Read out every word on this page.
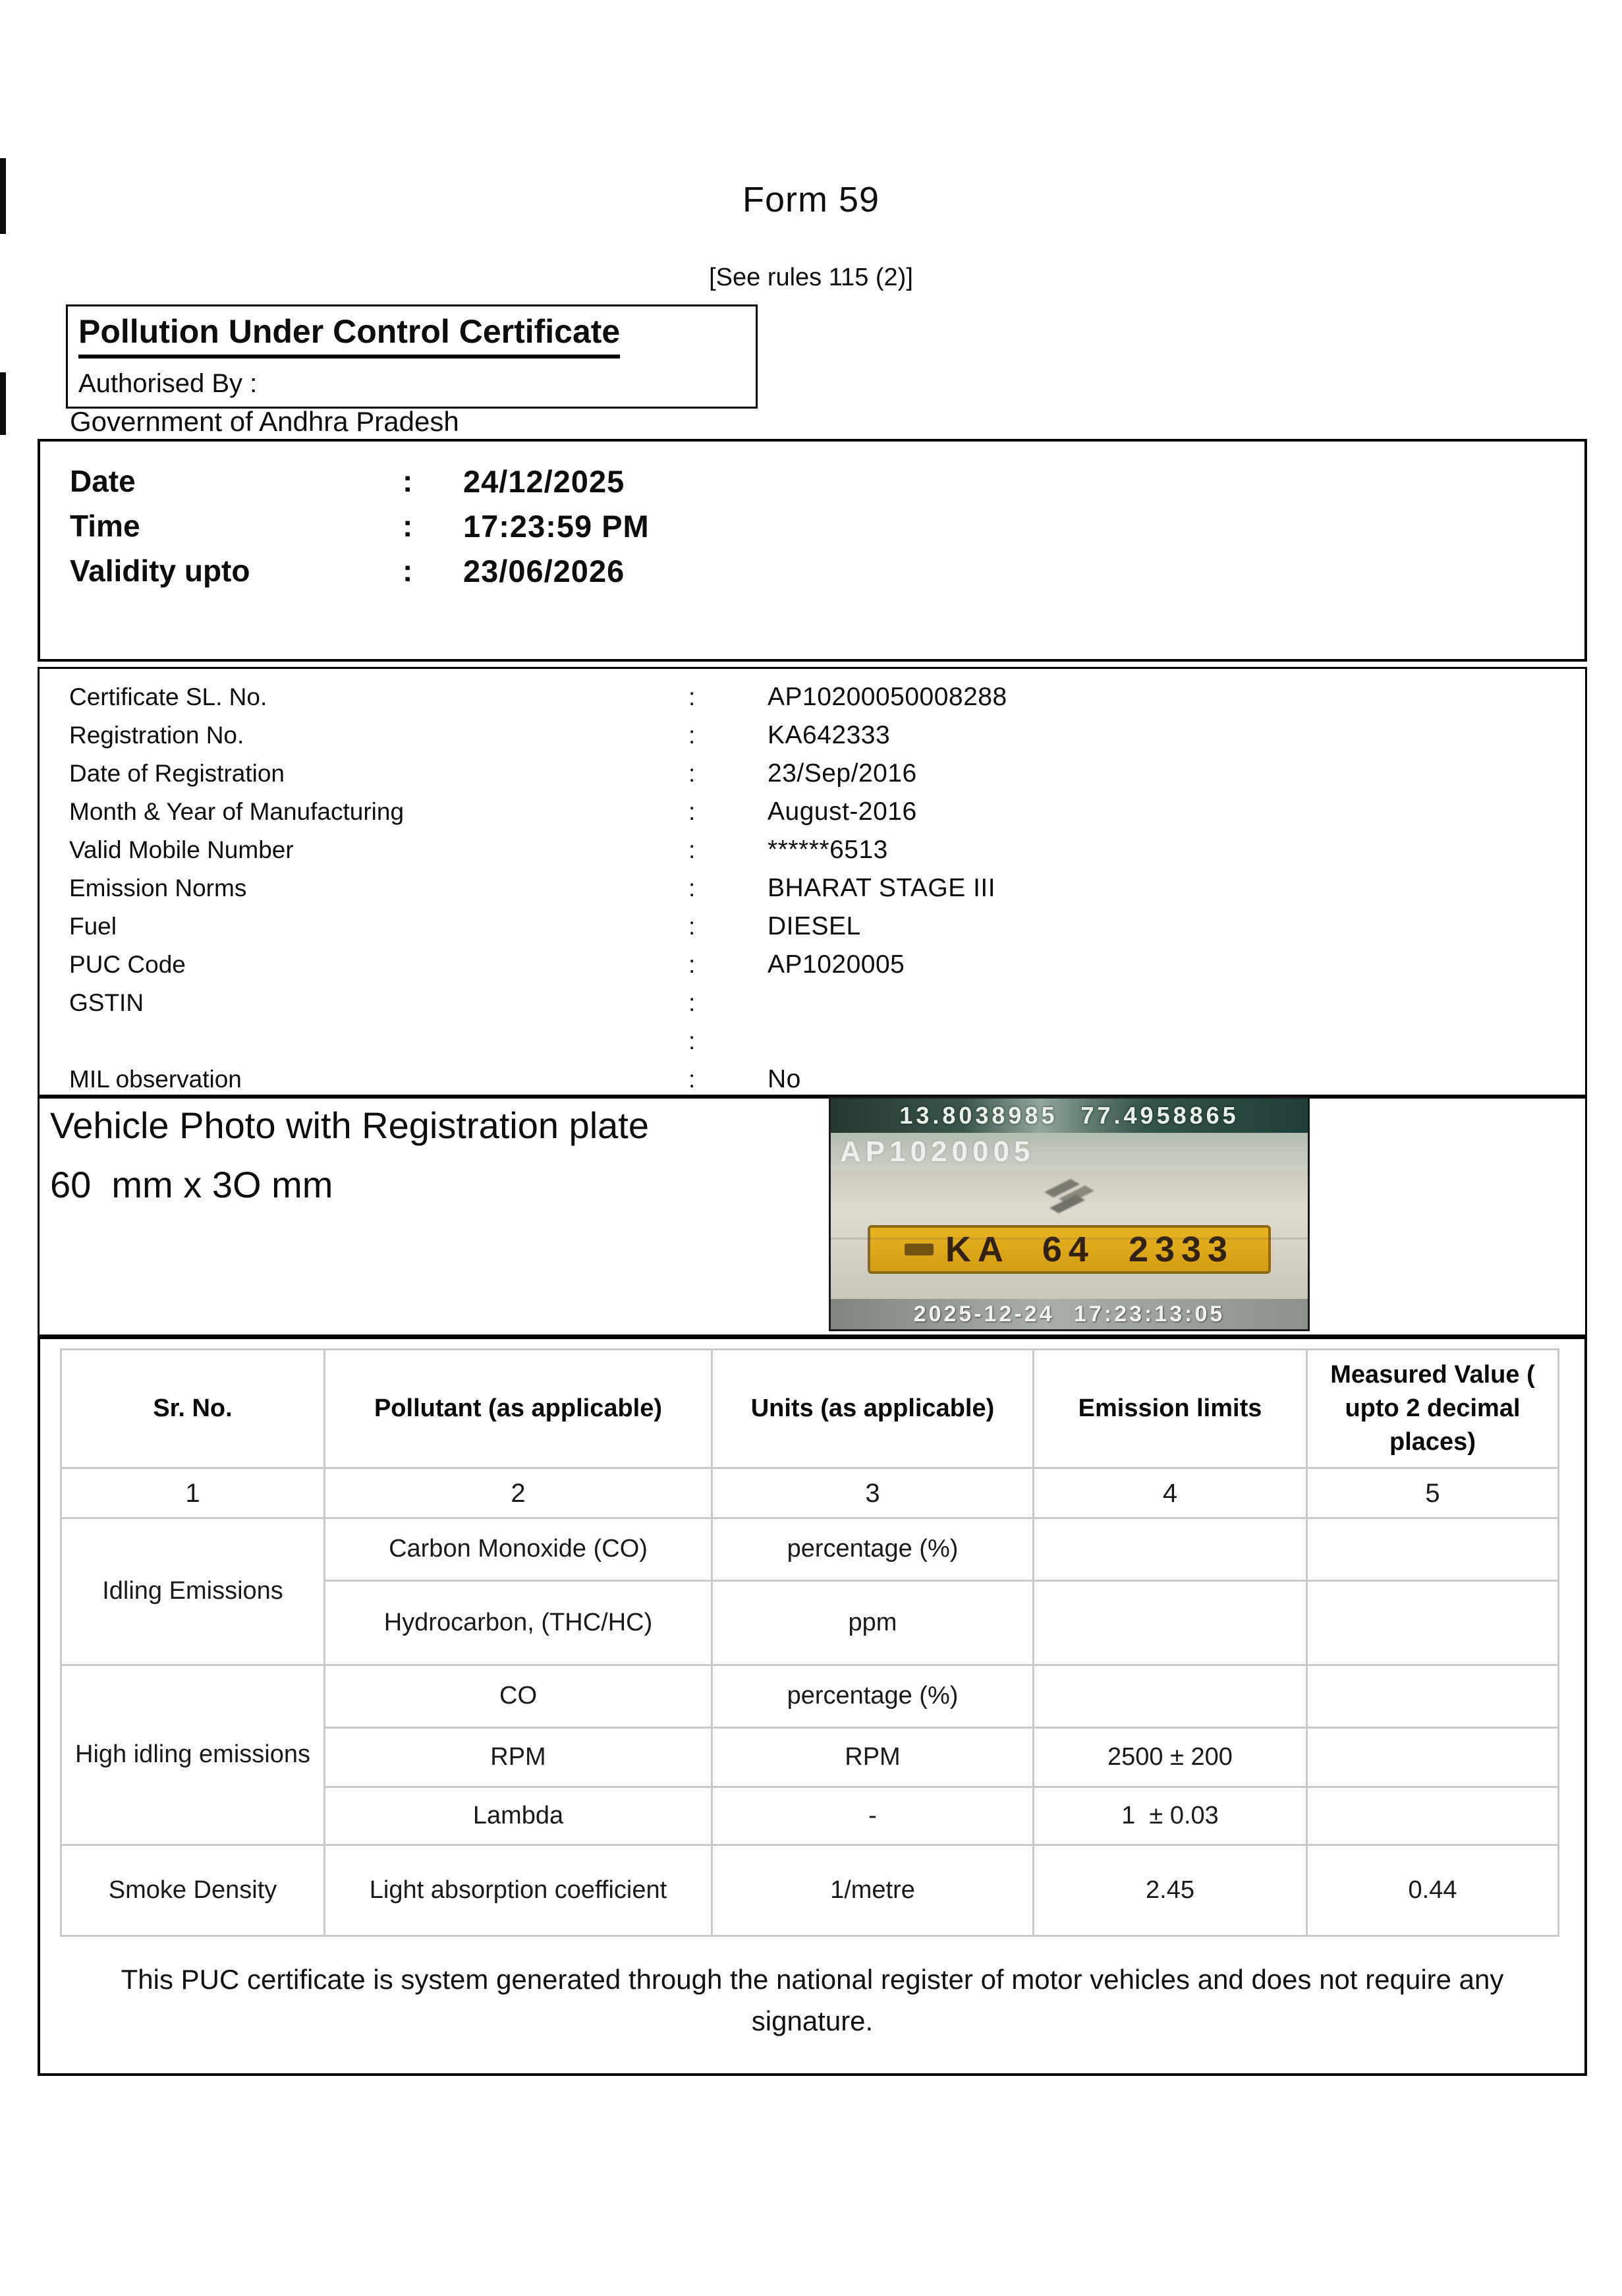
Form 59
[See rules 115 (2)]
Pollution Under Control Certificate
Authorised By :
Government of Andhra Pradesh
Date	:	24/12/2025
Time	:	17:23:59 PM
Validity upto	:	23/06/2026
Certificate SL. No.	:	AP10200050008288
Registration No.	:	KA642333
Date of Registration	:	23/Sep/2016
Month & Year of Manufacturing	:	August-2016
Valid Mobile Number	:	******6513
Emission Norms	:	BHARAT STAGE III
Fuel	:	DIESEL
PUC Code	:	AP1020005
GSTIN	:
:
MIL observation	:	No
Vehicle Photo with Registration plate
60  mm x 3O mm
13.8038985 77.4958865
AP1020005
KA 64 2333
2025-12-24 17:23:13:05
Sr. No.	Pollutant (as applicable)	Units (as applicable)	Emission limits	Measured Value ( upto 2 decimal places)
1	2	3	4	5
Idling Emissions	Carbon Monoxide (CO)	percentage (%)		
	Hydrocarbon, (THC/HC)	ppm		
High idling emissions	CO	percentage (%)		
	RPM	RPM	2500 ± 200	
	Lambda	-	1  ± 0.03	
Smoke Density	Light absorption coefficient	1/metre	2.45	0.44
This PUC certificate is system generated through the national register of motor vehicles and does not require any signature.
